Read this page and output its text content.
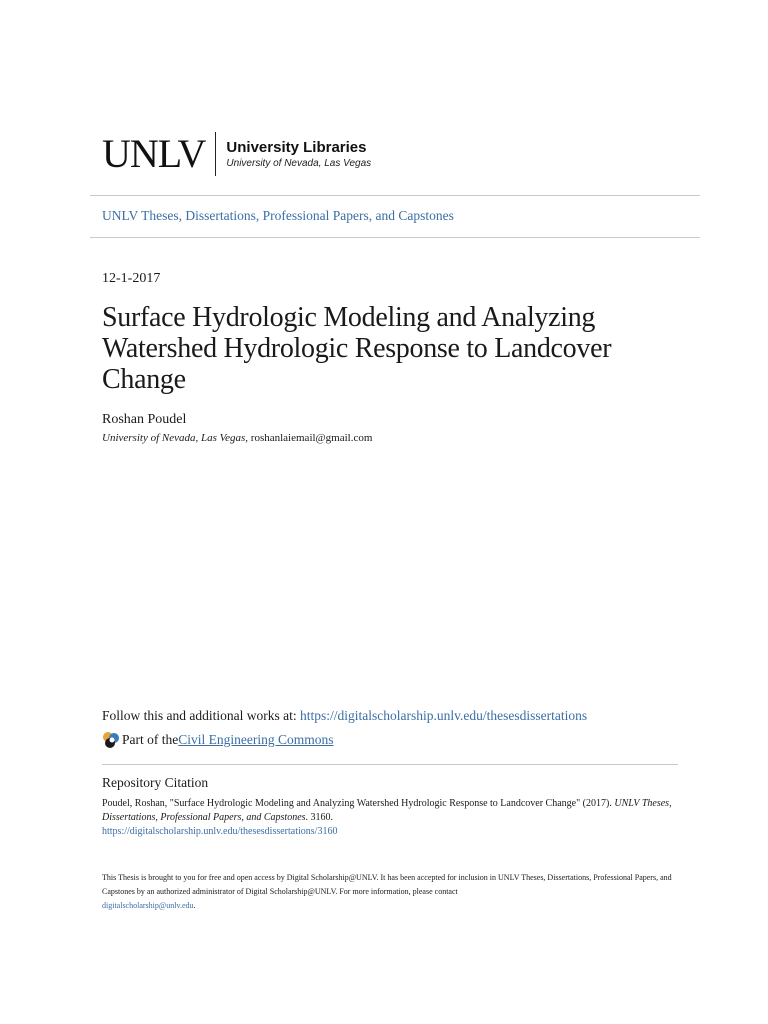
UNLV University Libraries
University of Nevada, Las Vegas
UNLV Theses, Dissertations, Professional Papers, and Capstones
12-1-2017
Surface Hydrologic Modeling and Analyzing Watershed Hydrologic Response to Landcover Change
Roshan Poudel
University of Nevada, Las Vegas, roshanlaiemail@gmail.com
Follow this and additional works at: https://digitalscholarship.unlv.edu/thesesdissertations
Part of the Civil Engineering Commons
Repository Citation
Poudel, Roshan, "Surface Hydrologic Modeling and Analyzing Watershed Hydrologic Response to Landcover Change" (2017). UNLV Theses, Dissertations, Professional Papers, and Capstones. 3160.
https://digitalscholarship.unlv.edu/thesesdissertations/3160
This Thesis is brought to you for free and open access by Digital Scholarship@UNLV. It has been accepted for inclusion in UNLV Theses, Dissertations, Professional Papers, and Capstones by an authorized administrator of Digital Scholarship@UNLV. For more information, please contact
digitalscholarship@unlv.edu.
